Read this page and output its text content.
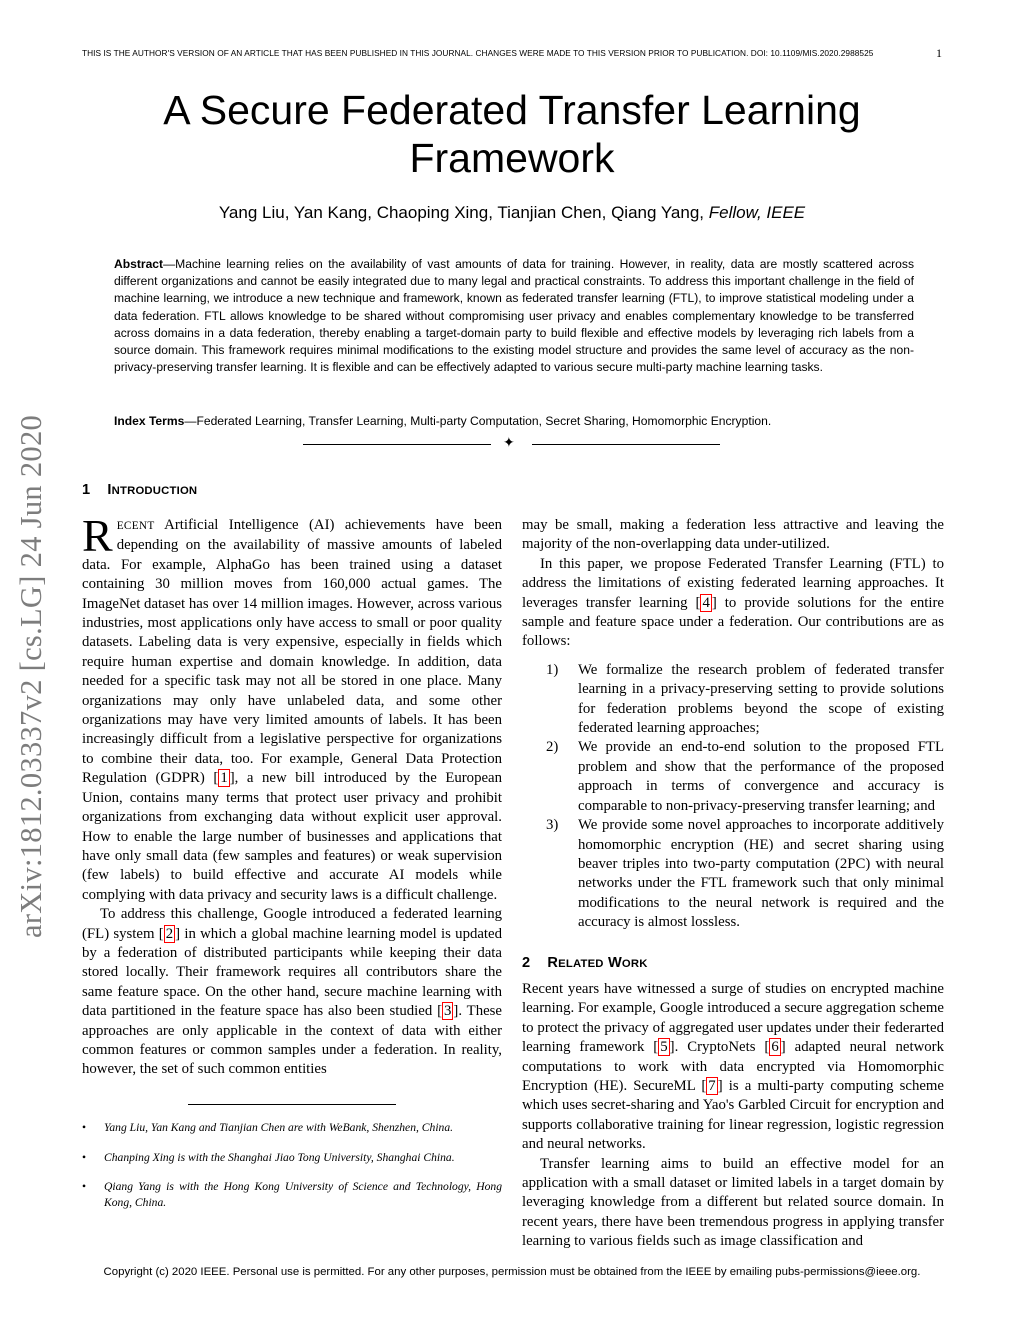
THIS IS THE AUTHOR'S VERSION OF AN ARTICLE THAT HAS BEEN PUBLISHED IN THIS JOURNAL. CHANGES WERE MADE TO THIS VERSION PRIOR TO PUBLICATION. DOI: 10.1109/MIS.2020.2988525	1
A Secure Federated Transfer Learning Framework
Yang Liu, Yan Kang, Chaoping Xing, Tianjian Chen, Qiang Yang, Fellow, IEEE
Abstract—Machine learning relies on the availability of vast amounts of data for training. However, in reality, data are mostly scattered across different organizations and cannot be easily integrated due to many legal and practical constraints. To address this important challenge in the field of machine learning, we introduce a new technique and framework, known as federated transfer learning (FTL), to improve statistical modeling under a data federation. FTL allows knowledge to be shared without compromising user privacy and enables complementary knowledge to be transferred across domains in a data federation, thereby enabling a target-domain party to build flexible and effective models by leveraging rich labels from a source domain. This framework requires minimal modifications to the existing model structure and provides the same level of accuracy as the non-privacy-preserving transfer learning. It is flexible and can be effectively adapted to various secure multi-party machine learning tasks.
Index Terms—Federated Learning, Transfer Learning, Multi-party Computation, Secret Sharing, Homomorphic Encryption.
✦
arXiv:1812.03337v2 [cs.LG] 24 Jun 2020 1 INTRODUCTION

RECENT Artificial Intelligence (AI) achievements have been depending on the availability of massive amounts of labeled data. For example, AlphaGo has been trained using a dataset containing 30 million moves from 160,000 actual games. The ImageNet dataset has over 14 million images. However, across various industries, most applications only have access to small or poor quality datasets. Labeling data is very expensive, especially in fields which require human expertise and domain knowledge. In addition, data needed for a specific task may not all be stored in one place. Many organizations may only have unlabeled data, and some other organizations may have very limited amounts of labels. It has been increasingly difficult from a legislative perspective for organizations to combine their data, too. For example, General Data Protection Regulation (GDPR) [ 1 ], a new bill introduced by the European Union, contains many terms that protect user privacy and prohibit organizations from exchanging data without explicit user approval. How to enable the large number of businesses and applications that have only small data (few samples and features) or weak supervision (few labels) to build effective and accurate AI models while complying with data privacy and security laws is a difficult challenge.

To address this challenge, Google introduced a federated learning (FL) system [ 2 ] in which a global machine learning model is updated by a federation of distributed participants while keeping their data stored locally. Their framework requires all contributors share the same feature space. On the other hand, secure machine learning with data partitioned in the feature space has also been studied [ 3 ]. These approaches are only applicable in the context of data with either common features or common samples under a federation. In reality, however, the set of such common entities

may be small, making a federation less attractive and leaving the majority of the non-overlapping data under-utilized.

In this paper, we propose Federated Transfer Learning (FTL) to address the limitations of existing federated learning approaches. It leverages transfer learning [ 4 ] to provide solutions for the entire sample and feature space under a federation. Our contributions are as follows:

1) We formalize the research problem of federated transfer learning in a privacy-preserving setting to provide solutions for federation problems beyond the scope of existing federated learning approaches;
2) We provide an end-to-end solution to the proposed FTL problem and show that the performance of the proposed approach in terms of convergence and accuracy is comparable to non-privacy-preserving transfer learning; and
3) We provide some novel approaches to incorporate additively homomorphic encryption (HE) and secret sharing using beaver triples into two-party computation (2PC) with neural networks under the FTL framework such that only minimal modifications to the neural network is required and the accuracy is almost lossless.
2 RELATED WORK

Recent years have witnessed a surge of studies on encrypted machine learning. For example, Google introduced a secure aggregation scheme to protect the privacy of aggregated user updates under their federarted learning framework [ 5 ]. CryptoNets [ 6 ] adapted neural network computations to work with data encrypted via Homomorphic Encryption (HE). SecureML [ 7 ] is a multi-party computing scheme which uses secret-sharing and Yao's Garbled Circuit for encryption and supports collaborative training for linear regression, logistic regression and neural networks.

Transfer learning aims to build an effective model for an application with a small dataset or limited labels in a target domain by leveraging knowledge from a different but related source domain. In recent years, there have been tremendous progress in applying transfer learning to various fields such as image classification and

• Yang Liu, Yan Kang and Tianjian Chen are with WeBank, Shenzhen, China.
• Chanping Xing is with the Shanghai Jiao Tong University, Shanghai China.
• Qiang Yang is with the Hong Kong University of Science and Technology, Hong Kong, China.
Copyright (c) 2020 IEEE. Personal use is permitted. For any other purposes, permission must be obtained from the IEEE by emailing pubs-permissions@ieee.org.
